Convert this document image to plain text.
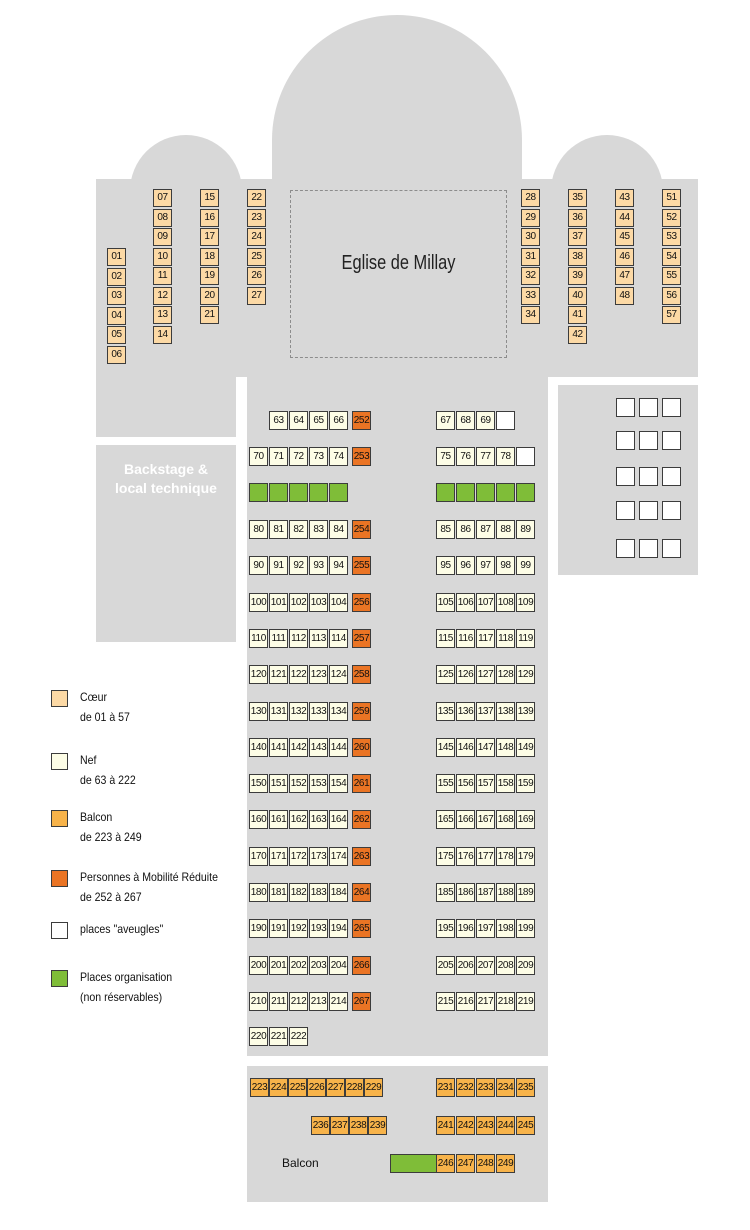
Eglise de Millay
Backstage &
local technique
Balcon
01
02
03
04
05
06
07
08
09
10
11
12
13
14
15
16
17
18
19
20
21
22
23
24
25
26
27
28
29
30
31
32
33
34
35
36
37
38
39
40
41
42
43
44
45
46
47
48
51
52
53
54
55
56
57
63 64 65 66	252	67 68 69
70 71 72 73 74	253	75 76 77 78
80 81 82 83 84	254	85 86 87 88 89
90 91 92 93 94	255	95 96 97 98 99
100 101 102 103 104 256	105 106 107 108 109
110 111 112 113 114 257	115 116 117 118 119
120 121 122 123 124 258	125 126 127 128 129
130 131 132 133 134 259	135 136 137 138 139
140 141 142 143 144 260	145 146 147 148 149
150 151 152 153 154 261	155 156 157 158 159
160 161 162 163 164 262	165 166 167 168 169
170 171 172 173 174 263	175 176 177 178 179
180 181 182 183 184 264	185 186 187 188 189
190 191 192 193 194 265	195 196 197 198 199
200 201 202 203 204 266	205 206 207 208 209
210 211 212 213 214 267	215 216 217 218 219
220 221 222
223 224 225 226 227 228 229	231 232 233 234 235
236 237 238 239	241 242 243 244 245
246 247 248 249
Cœur
de 01 à 57
Nef
de 63 à 222
Balcon
de 223 à 249
Personnes à Mobilité Réduite
de 252 à 267
places "aveugles"
Places organisation
(non réservables)
